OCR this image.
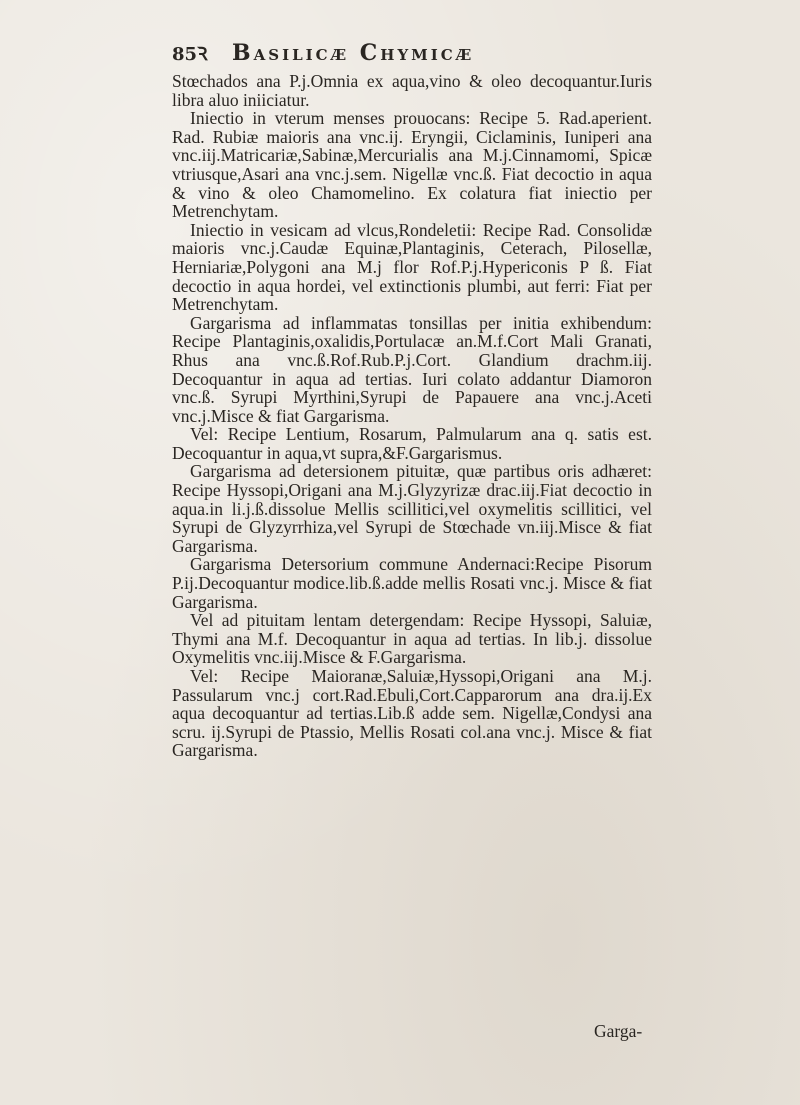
85Ꝛ Basilicæ Chymicæ

Stœchados ana P.j.Omnia ex aqua,vino & oleo decoquantur.Iuris libra aluo iniiciatur.

Iniectio in vterum menses prouocans: Recipe 5. Rad.aperient. Rad. Rubiæ maioris ana vnc.ij. Eryngii, Ciclaminis, Iuniperi ana vnc.iij.Matricariæ,Sabinæ,Mercurialis ana M.j.Cinnamomi, Spicæ vtriusque,Asari ana vnc.j.sem. Nigellæ vnc.ß. Fiat decoctio in aqua & vino & oleo Chamomelino. Ex colatura fiat iniectio per Metrenchytam.

Iniectio in vesicam ad vlcus,Rondeletii: Recipe Rad. Consolidæ maioris vnc.j.Caudæ Equinæ,Plantaginis, Ceterach, Pilosellæ, Herniariæ,Polygoni ana M.j flor Rof.P.j.Hypericonis P ß. Fiat decoctio in aqua hordei, vel extinctionis plumbi, aut ferri: Fiat per Metrenchytam.

Gargarisma ad inflammatas tonsillas per initia exhibendum: Recipe Plantaginis,oxalidis,Portulacæ an.M.f.Cort Mali Granati, Rhus ana vnc.ß.Rof.Rub.P.j.Cort. Glandium drachm.iij. Decoquantur in aqua ad tertias. Iuri colato addantur Diamoron vnc.ß. Syrupi Myrthini,Syrupi de Papauere ana vnc.j.Aceti vnc.j.Misce & fiat Gargarisma.

Vel: Recipe Lentium, Rosarum, Palmularum ana q. satis est. Decoquantur in aqua,vt supra,&F.Gargarismus.

Gargarisma ad detersionem pituitæ, quæ partibus oris adhæret: Recipe Hyssopi,Origani ana M.j.Glyzyrizæ drac.iij.Fiat decoctio in aqua.in li.j.ß.dissolue Mellis scillitici,vel oxymelitis scillitici, vel Syrupi de Glyzyrrhiza,vel Syrupi de Stœchade vn.iij.Misce & fiat Gargarisma.

Gargarisma Detersorium commune Andernaci:Recipe Pisorum P.ij.Decoquantur modice.lib.ß.adde mellis Rosati vnc.j. Misce & fiat Gargarisma.

Vel ad pituitam lentam detergendam: Recipe Hyssopi, Saluiæ, Thymi ana M.f. Decoquantur in aqua ad tertias. In lib.j. dissolue Oxymelitis vnc.iij.Misce & F.Gargarisma.

Vel: Recipe Maioranæ,Saluiæ,Hyssopi,Origani ana M.j. Passularum vnc.j cort.Rad.Ebuli,Cort.Capparorum ana dra.ij.Ex aqua decoquantur ad tertias.Lib.ß adde sem. Nigellæ,Condysi ana scru. ij.Syrupi de Ptassio, Mellis Rosati col.ana vnc.j. Misce & fiat Gargarisma.

Garga-
